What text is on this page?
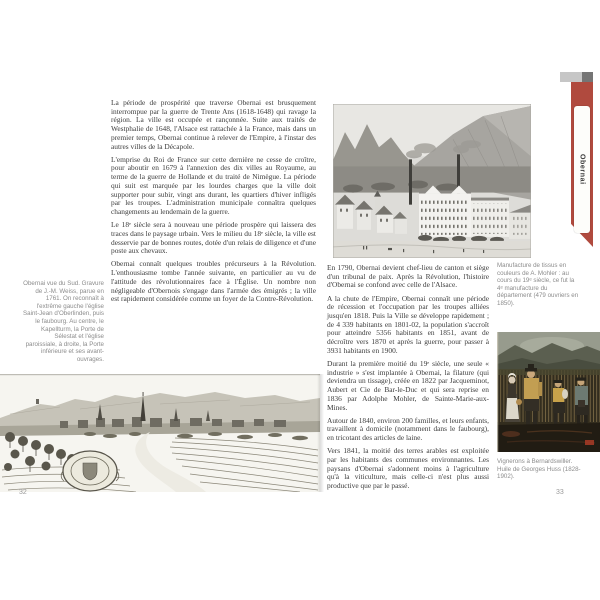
Obernai vue du Sud. Gravure de J.-M. Weiss, parue en 1761. On reconnaît à l'extrême gauche l'église Saint-Jean d'Oberlinden, puis le faubourg. Au centre, le Kapellturm, la Porte de Sélestat et l'église paroissiale, à droite, la Porte inférieure et ses avant-ouvrages.

La période de prospérité que traverse Obernai est brusquement interrompue par la guerre de Trente Ans (1618-1648) qui ravage la région. La ville est occupée et rançonnée. Suite aux traités de Westphalie de 1648, l'Alsace est rattachée à la France, mais dans un premier temps, Obernai continue à relever de l'Empire, à l'instar des autres villes de la Décapole.

L'emprise du Roi de France sur cette dernière ne cesse de croître, pour aboutir en 1679 à l'annexion des dix villes au Royaume, au terme de la guerre de Hollande et du traité de Nimègue. La période qui suit est marquée par les lourdes charges que la ville doit supporter pour subir, vingt ans durant, les quartiers d'hiver infligés par les troupes. L'administration municipale connaîtra quelques changements au lendemain de la guerre.

Le 18ᵉ siècle sera à nouveau une période prospère qui laissera des traces dans le paysage urbain. Vers le milieu du 18ᵉ siècle, la ville est desservie par de bonnes routes, dotée d'un relais de diligence et d'une poste aux chevaux.

Obernai connaît quelques troubles précurseurs à la Révolution. L'enthousiasme tombe l'année suivante, en particulier au vu de l'attitude des révolutionnaires face à l'Église. Un nombre non négligeable d'Obernois s'engage dans l'armée des émigrés ; la ville est rapidement considérée comme un foyer de la Contre-Révolution.

32
Manufacture de tissus en couleurs de A. Mohler : au cours du 19ᵉ siècle, ce fut la 4ᵉ manufacture du département (479 ouvriers en 1850).

En 1790, Obernai devient chef-lieu de canton et siège d'un tribunal de paix. Après la Révolution, l'histoire d'Obernai se confond avec celle de l'Alsace.

A la chute de l'Empire, Obernai connaît une période de récession et l'occupation par les troupes alliées jusqu'en 1818. Puis la Ville se développe rapidement ; de 4 339 habitants en 1801-02, la population s'accroît pour atteindre 5356 habitants en 1851, avant de décroître vers 1870 et après la guerre, pour passer à 3931 habitants en 1900.

Durant la première moitié du 19ᵉ siècle, une seule « industrie » s'est implantée à Obernai, la filature (qui deviendra un tissage), créée en 1822 par Jacqueminot, Aubert et Cie de Bar-le-Duc et qui sera reprise en 1836 par Adolphe Mohler, de Sainte-Marie-aux-Mines.

Autour de 1840, environ 200 familles, et leurs enfants, travaillent à domicile (notamment dans le faubourg), en tricotant des articles de laine.

Vers 1841, la moitié des terres arables est exploitée par les habitants des communes environnantes. Les paysans d'Obernai s'adonnent moins à l'agriculture qu'à la viticulture, mais celle-ci n'est plus aussi productive que par le passé.

Vignerons à Bernardswiller. Huile de Georges Huss (1828-1902).
33
Obernai
